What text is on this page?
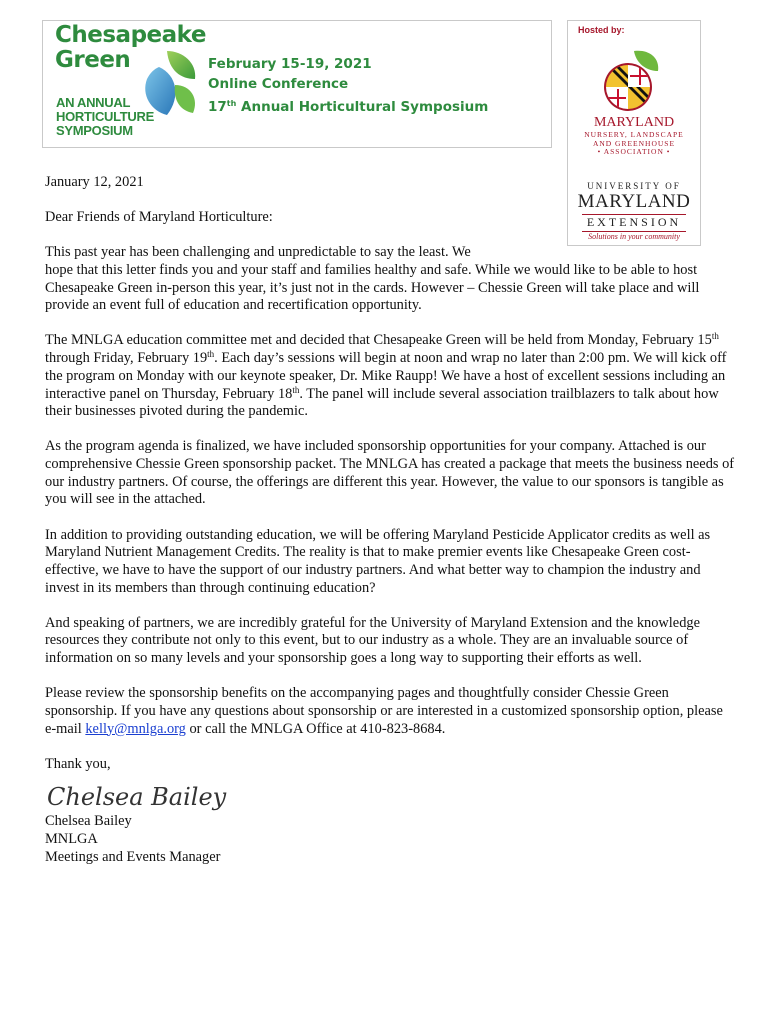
Chesapeake
Green
AN ANNUAL
HORTICULTURE
SYMPOSIUM
February 15-19, 2021
Online Conference
17th Annual Horticultural Symposium
Hosted by:
MARYLAND
NURSERY, LANDSCAPE
AND GREENHOUSE
• ASSOCIATION •
UNIVERSITY OF
MARYLAND
EXTENSION
Solutions in your community

January 12, 2021

Dear Friends of Maryland Horticulture:

This past year has been challenging and unpredictable to say the least. We
hope that this letter finds you and your staff and families healthy and safe. While we would like to be able to host Chesapeake Green in-person this year, it’s just not in the cards. However – Chessie Green will take place and will provide an event full of education and recertification opportunity.

The MNLGA education committee met and decided that Chesapeake Green will be held from Monday, February 15th through Friday, February 19th. Each day’s sessions will begin at noon and wrap no later than 2:00 pm. We will kick off the program on Monday with our keynote speaker, Dr. Mike Raupp! We have a host of excellent sessions including an interactive panel on Thursday, February 18th. The panel will include several association trailblazers to talk about how their businesses pivoted during the pandemic.

As the program agenda is finalized, we have included sponsorship opportunities for your company. Attached is our comprehensive Chessie Green sponsorship packet. The MNLGA has created a package that meets the business needs of our industry partners. Of course, the offerings are different this year. However, the value to our sponsors is tangible as you will see in the attached.

In addition to providing outstanding education, we will be offering Maryland Pesticide Applicator credits as well as Maryland Nutrient Management Credits. The reality is that to make premier events like Chesapeake Green cost-effective, we have to have the support of our industry partners. And what better way to champion the industry and invest in its members than through continuing education?

And speaking of partners, we are incredibly grateful for the University of Maryland Extension and the knowledge resources they contribute not only to this event, but to our industry as a whole. They are an invaluable source of information on so many levels and your sponsorship goes a long way to supporting their efforts as well.

Please review the sponsorship benefits on the accompanying pages and thoughtfully consider Chessie Green sponsorship. If you have any questions about sponsorship or are interested in a customized sponsorship option, please e-mail kelly@mnlga.org or call the MNLGA Office at 410-823-8684.

Thank you,

Chelsea Bailey
Chelsea Bailey
MNLGA
Meetings and Events Manager
